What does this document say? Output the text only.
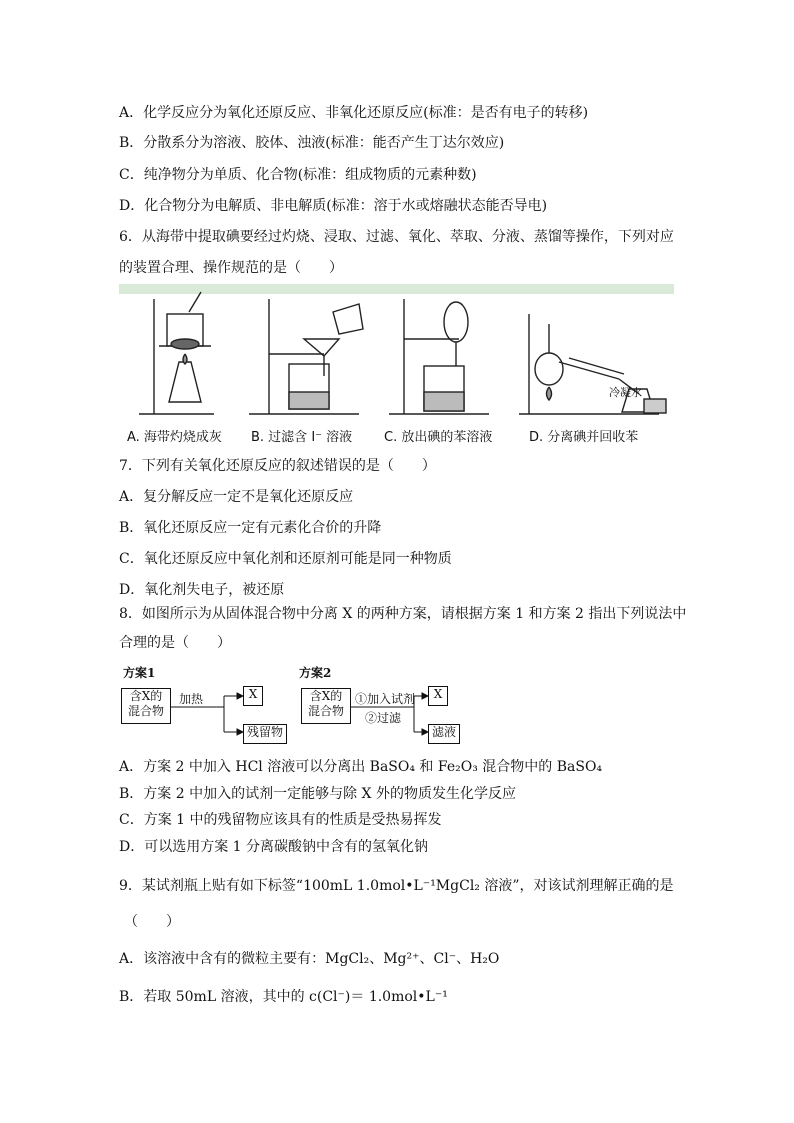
A．化学反应分为氧化还原反应、非氧化还原反应(标准：是否有电子的转移)
B．分散系分为溶液、胶体、浊液(标准：能否产生丁达尔效应)
C．纯净物分为单质、化合物(标准：组成物质的元素种数)
D．化合物分为电解质、非电解质(标准：溶于水或熔融状态能否导电)
6．从海带中提取碘要经过灼烧、浸取、过滤、氧化、萃取、分液、蒸馏等操作，下列对应
的装置合理、操作规范的是（　　）
A. 海带灼烧成灰 B. 过滤含 I⁻ 溶液 C. 放出碘的苯溶液	D. 分离碘并回收苯
冷凝水
7．下列有关氧化还原反应的叙述错误的是（　　）
A．复分解反应一定不是氧化还原反应
B．氧化还原反应一定有元素化合价的升降
C．氧化还原反应中氧化剂和还原剂可能是同一种物质
D．氧化剂失电子，被还原
8．如图所示为从固体混合物中分离 X 的两种方案，请根据方案 1 和方案 2 指出下列说法中
合理的是（　　）
方案1
含X的
混合物
加热	X
残留物
方案2
含X的
混合物
①加入试剂
②过滤
X
滤液
A．方案 2 中加入 HCl 溶液可以分离出 BaSO₄ 和 Fe₂O₃ 混合物中的 BaSO₄
B．方案 2 中加入的试剂一定能够与除 X 外的物质发生化学反应
C．方案 1 中的残留物应该具有的性质是受热易挥发
D．可以选用方案 1 分离碳酸钠中含有的氢氧化钠
9．某试剂瓶上贴有如下标签“100mL 1.0mol•L⁻¹MgCl₂ 溶液”，对该试剂理解正确的是
（　　）
A．该溶液中含有的微粒主要有：MgCl₂、Mg²⁺、Cl⁻、H₂O
B．若取 50mL 溶液，其中的 c(Cl⁻)＝ 1.0mol•L⁻¹
